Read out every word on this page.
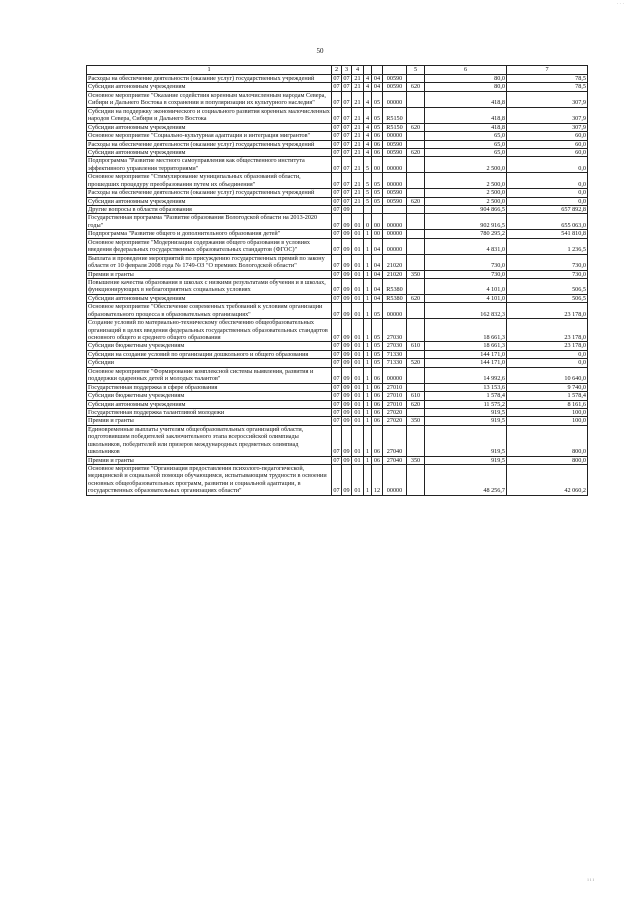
· · ·
50
1	2	3	4				5	6	7
Расходы на обеспечение деятельности (оказание услуг) государственных учреждений	07	07	21	4	04	00590		80,0	78,5
Субсидии автономным учреждениям	07	07	21	4	04	00590	620	80,0	78,5
Основное мероприятие "Оказание содействия коренным малочисленным народам Севера, Сибири и Дальнего Востока в сохранении и популяризации их культурного наследия"	07	07	21	4	05	00000		418,8	307,9
Субсидии на поддержку экономического и социального развития коренных малочисленных народов Севера, Сибири и Дальнего Востока	07	07	21	4	05	R5150		418,8	307,9
Субсидии автономным учреждениям	07	07	21	4	05	R5150	620	418,8	307,9
Основное мероприятие "Социально-культурная адаптация и интеграция мигрантов"	07	07	21	4	06	00000		65,0	60,0
Расходы на обеспечение деятельности (оказание услуг) государственных учреждений	07	07	21	4	06	00590		65,0	60,0
Субсидии автономным учреждениям	07	07	21	4	06	00590	620	65,0	60,0
Подпрограмма "Развитие местного самоуправления как общественного института эффективного управления территориями"	07	07	21	5	00	00000		2 500,0	0,0
Основное мероприятие "Стимулирование муниципальных образований области, прошедших процедуру преобразования путем их объединения"	07	07	21	5	05	00000		2 500,0	0,0
Расходы на обеспечение деятельности (оказание услуг) государственных учреждений	07	07	21	5	05	00590		2 500,0	0,0
Субсидии автономным учреждениям	07	07	21	5	05	00590	620	2 500,0	0,0
Другие вопросы в области образования	07	09						904 866,5	657 892,8
Государственная программа "Развитие образования Вологодской области на 2013-2020 годы"	07	09	01	0	00	00000		902 916,5	655 063,0
Подпрограмма "Развитие общего и дополнительного образования детей"	07	09	01	1	00	00000		780 295,2	541 810,8
Основное мероприятие "Модернизация содержания общего образования в условиях введения федеральных государственных образовательных стандартов (ФГОС)"	07	09	01	1	04	00000		4 831,0	1 236,5
Выплата и проведение мероприятий по присуждению государственных премий по закону области от 10 февраля 2008 года № 1749-ОЗ "О премиях Вологодской области"	07	09	01	1	04	21020		730,0	730,0
Премии и гранты	07	09	01	1	04	21020	350	730,0	730,0
Повышение качества образования в школах с низкими результатами обучения и в школах, функционирующих в неблагоприятных социальных условиях	07	09	01	1	04	R5380		4 101,0	506,5
Субсидии автономным учреждениям	07	09	01	1	04	R5380	620	4 101,0	506,5
Основное мероприятие "Обеспечение современных требований к условиям организации образовательного процесса в образовательных организациях"	07	09	01	1	05	00000		162 832,3	23 178,0
Создание условий по материально-техническому обеспечению общеобразовательных организаций в целях введения федеральных государственных образовательных стандартов основного общего и среднего общего образования	07	09	01	1	05	27030		18 661,3	23 178,0
Субсидии бюджетным учреждениям	07	09	01	1	05	27030	610	18 661,3	23 178,0
Субсидии на создание условий по организации дошкольного и общего образования	07	09	01	1	05	71330		144 171,0	0,0
Субсидии	07	09	01	1	05	71330	520	144 171,0	0,0
Основное мероприятие "Формирование комплексной системы выявления, развития и поддержки одаренных детей и молодых талантов"	07	09	01	1	06	00000		14 992,6	10 640,0
Государственная поддержка в сфере образования	07	09	01	1	06	27010		13 153,6	9 740,0
Субсидии бюджетным учреждениям	07	09	01	1	06	27010	610	1 578,4	1 578,4
Субсидии автономным учреждениям	07	09	01	1	06	27010	620	11 575,2	8 161,6
Государственная поддержка талантливой молодежи	07	09	01	1	06	27020		919,5	100,0
Премии и гранты	07	09	01	1	06	27020	350	919,5	100,0
Единовременные выплаты учителям общеобразовательных организаций области, подготовившим победителей заключительного этапа всероссийской олимпиады школьников, победителей или призеров международных предметных олимпиад школьников	07	09	01	1	06	27040		919,5	800,0
Премии и гранты	07	09	01	1	06	27040	350	919,5	800,0
Основное мероприятие "Организация предоставления психолого-педагогической, медицинской и социальной помощи обучающимся, испытывающим трудности в освоении основных общеобразовательных программ, развитии и социальной адаптации, в государственных образовательных организациях области"	07	09	01	1	12	00000		48 256,7	42 060,2
ı ı ı
